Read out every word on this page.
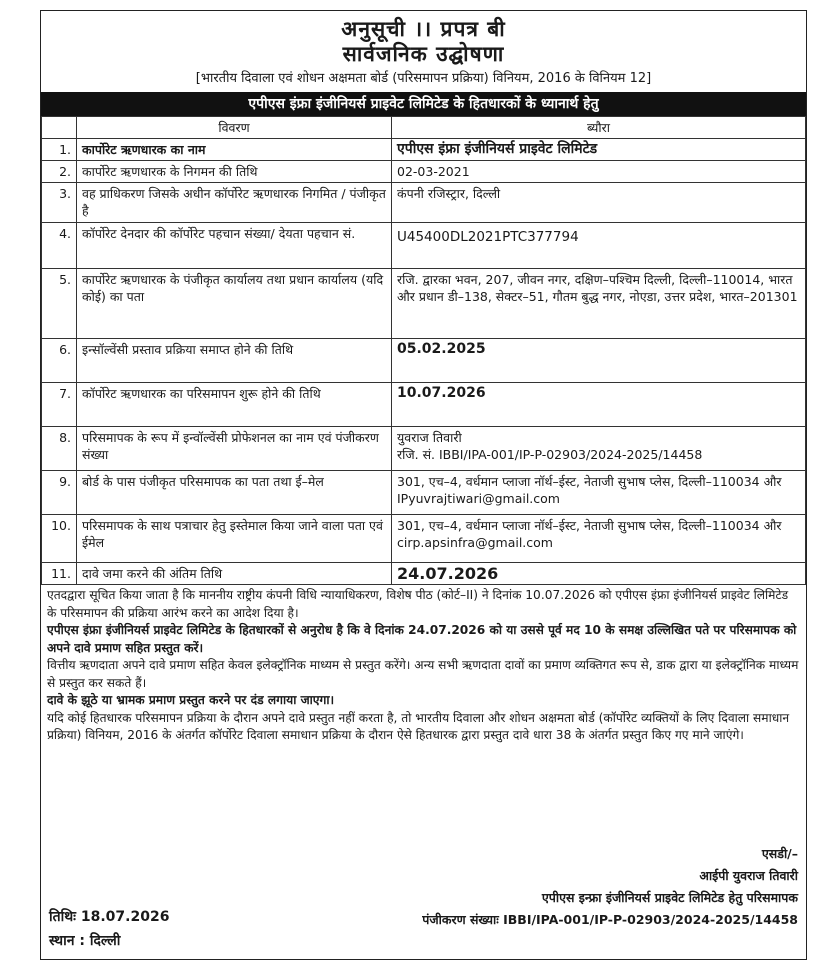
अनुसूची ।। प्रपत्र बी
सार्वजनिक उद्घोषणा
[भारतीय दिवाला एवं शोधन अक्षमता बोर्ड (परिसमापन प्रक्रिया) विनियम, 2016 के विनियम 12]
एपीएस इंफ्रा इंजीनियर्स प्राइवेट लिमिटेड के हितधारकों के ध्यानार्थ हेतु
	विवरण	ब्यौरा
1.	कार्पोरेट ऋणधारक का नाम	एपीएस इंफ्रा इंजीनियर्स प्राइवेट लिमिटेड
2.	कार्पोरेट ऋणधारक के निगमन की तिथि	02-03-2021
3.	वह प्राधिकरण जिसके अधीन कॉर्पोरेट ऋणधारक निगमित / पंजीकृत है	कंपनी रजिस्ट्रार, दिल्ली
4.	कॉर्पोरेट देनदार की कॉर्पोरेट पहचान संख्या/ देयता पहचान सं.	U45400DL2021PTC377794
5.	कार्पोरेट ऋणधारक के पंजीकृत कार्यालय तथा प्रधान कार्यालय (यदि कोई) का पता	रजि. द्वारका भवन, 207, जीवन नगर, दक्षिण–पश्चिम दिल्ली, दिल्ली–110014, भारत और प्रधान डी–138, सेक्टर–51, गौतम बुद्ध नगर, नोएडा, उत्तर प्रदेश, भारत–201301
6.	इन्सॉल्वेंसी प्रस्ताव प्रक्रिया समाप्त होने की तिथि	05.02.2025
7.	कॉर्पोरेट ऋणधारक का परिसमापन शुरू होने की तिथि	10.07.2026
8.	परिसमापक के रूप में इन्वॉल्वेंसी प्रोफेशनल का नाम एवं पंजीकरण संख्या	युवराज तिवारी
रजि. सं. IBBI/IPA-001/IP-P-02903/2024-2025/14458

9.	बोर्ड के पास पंजीकृत परिसमापक का पता तथा ई–मेल	301, एच–4, वर्धमान प्लाजा नॉर्थ–ईस्ट, नेताजी सुभाष प्लेस, दिल्ली–110034 और IPyuvrajtiwari@gmail.com
10.	परिसमापक के साथ पत्राचार हेतु इस्तेमाल किया जाने वाला पता एवं ईमेल	301, एच–4, वर्धमान प्लाजा नॉर्थ–ईस्ट, नेताजी सुभाष प्लेस, दिल्ली–110034 और cirp.apsinfra@gmail.com
11.	दावे जमा करने की अंतिम तिथि	24.07.2026

एतदद्वारा सूचित किया जाता है कि माननीय राष्ट्रीय कंपनी विधि न्यायाधिकरण, विशेष पीठ (कोर्ट–II) ने दिनांक 10.07.2026 को एपीएस इंफ्रा इंजीनियर्स प्राइवेट लिमिटेड के परिसमापन की प्रक्रिया आरंभ करने का आदेश दिया है।

एपीएस इंफ्रा इंजीनियर्स प्राइवेट लिमिटेड के हितधारकों से अनुरोध है कि वे दिनांक 24.07.2026 को या उससे पूर्व मद 10 के समक्ष उल्लिखित पते पर परिसमापक को अपने दावे प्रमाण सहित प्रस्तुत करें।

वित्तीय ऋणदाता अपने दावे प्रमाण सहित केवल इलेक्ट्रॉनिक माध्यम से प्रस्तुत करेंगे। अन्य सभी ऋणदाता दावों का प्रमाण व्यक्तिगत रूप से, डाक द्वारा या इलेक्ट्रॉनिक माध्यम से प्रस्तुत कर सकते हैं।

दावे के झूठे या भ्रामक प्रमाण प्रस्तुत करने पर दंड लगाया जाएगा।

यदि कोई हितधारक परिसमापन प्रक्रिया के दौरान अपने दावे प्रस्तुत नहीं करता है, तो भारतीय दिवाला और शोधन अक्षमता बोर्ड (कॉर्पोरेट व्यक्तियों के लिए दिवाला समाधान प्रक्रिया) विनियम, 2016 के अंतर्गत कॉर्पोरेट दिवाला समाधान प्रक्रिया के दौरान ऐसे हितधारक द्वारा प्रस्तुत दावे धारा 38 के अंतर्गत प्रस्तुत किए गए माने जाएंगे।

एसडी/–
आईपी युवराज तिवारी
एपीएस इन्फ्रा इंजीनियर्स प्राइवेट लिमिटेड हेतु परिसमापक
पंजीकरण संख्याः IBBI/IPA-001/IP-P-02903/2024-2025/14458
तिथिः 18.07.2026
स्थान : दिल्ली
